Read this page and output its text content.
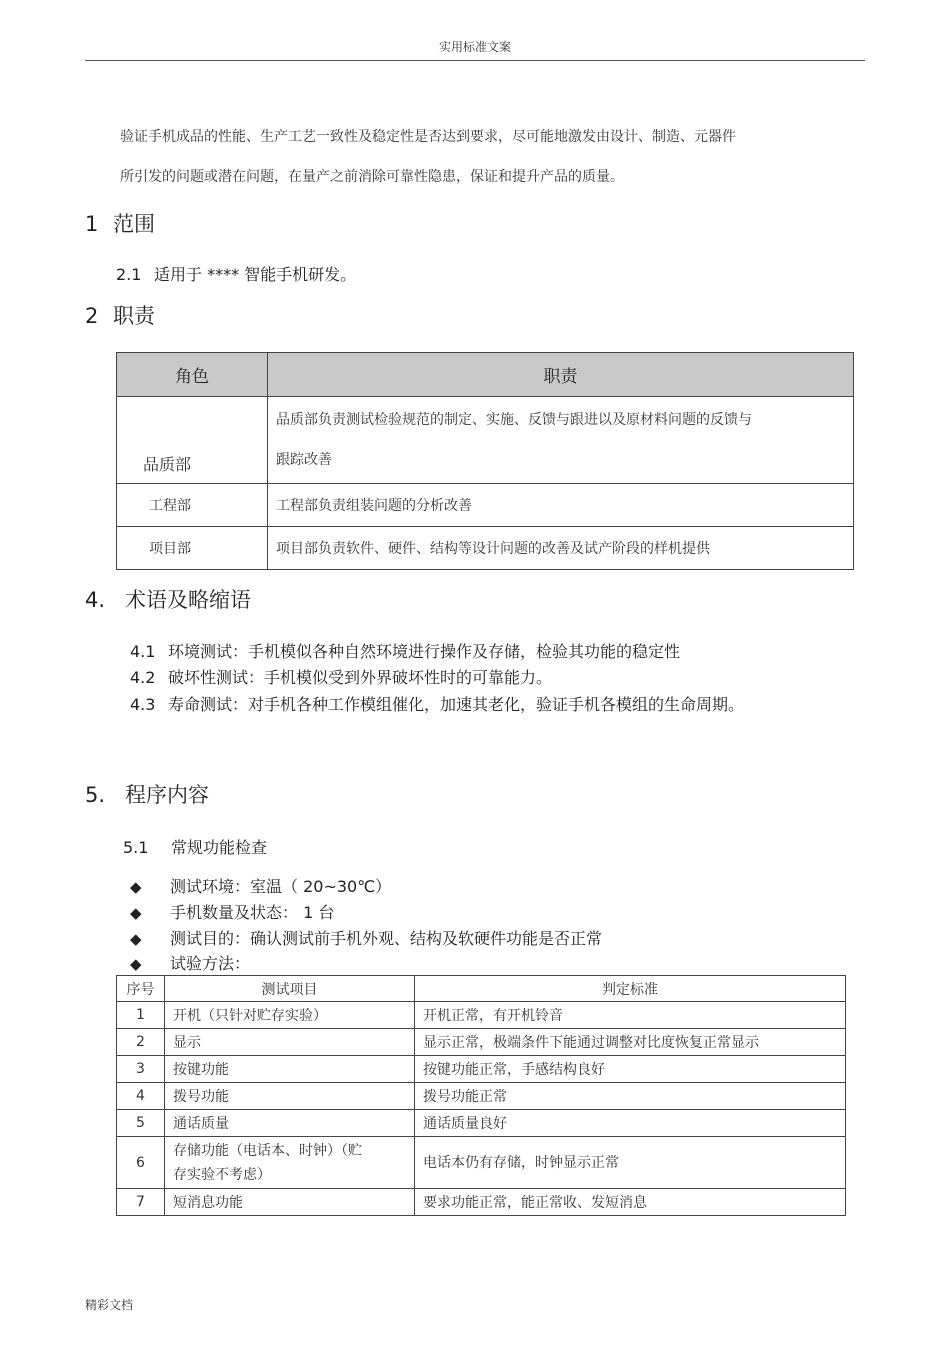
实用标准文案
验证手机成品的性能、生产工艺一致性及稳定性是否达到要求，尽可能地激发由设计、制造、元器件
所引发的问题或潜在问题，在量产之前消除可靠性隐患，保证和提升产品的质量。
1 范围
2.1 适用于 **** 智能手机研发。
2 职责
角色	职责
品质部	品质部负责测试检验规范的制定、实施、反馈与跟进以及原材料问题的反馈与
跟踪改善

工程部	工程部负责组装问题的分析改善
项目部	项目部负责软件、硬件、结构等设计问题的改善及试产阶段的样机提供
4. 术语及略缩语
4.1 环境测试：手机模似各种自然环境进行操作及存储，检验其功能的稳定性
4.2 破坏性测试：手机模似受到外界破坏性时的可靠能力。
4.3 寿命测试：对手机各种工作模组催化，加速其老化，验证手机各模组的生命周期。
5. 程序内容
5.1 常规功能检查
◆ 测试环境：室温（ 20~30℃）
◆ 手机数量及状态： 1 台
◆ 测试目的：确认测试前手机外观、结构及软硬件功能是否正常
◆ 试验方法：
序号	测试项目	判定标准
1	开机（只针对贮存实验）	开机正常，有开机铃音
2	显示	显示正常，极端条件下能通过调整对比度恢复正常显示
3	按键功能	按键功能正常，手感结构良好
4	拨号功能	拨号功能正常
5	通话质量	通话质量良好
6	存储功能（电话本、时钟）（贮
存实验不考虑）	电话本仍有存储，时钟显示正常
7	短消息功能	要求功能正常，能正常收、发短消息
精彩文档
